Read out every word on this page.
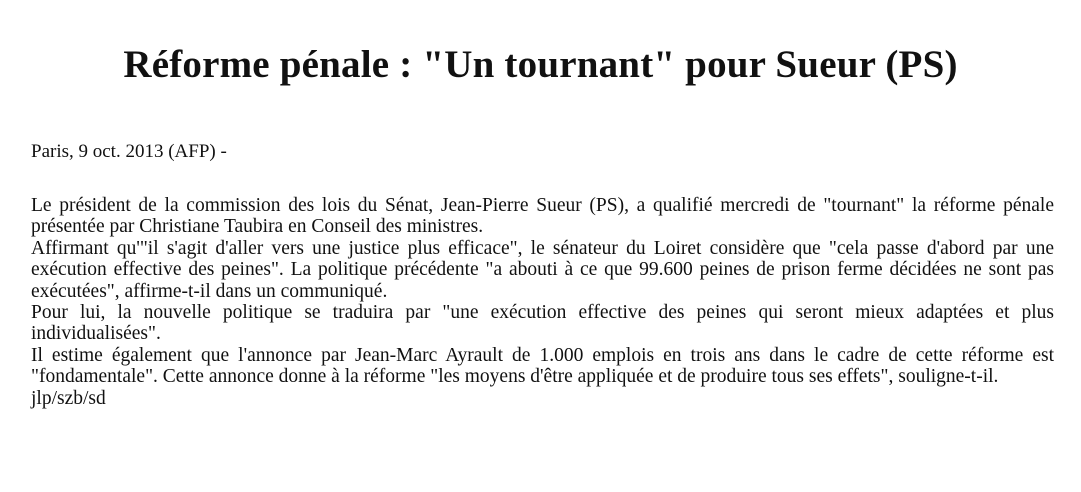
Réforme pénale : "Un tournant" pour Sueur (PS)
Paris, 9 oct. 2013 (AFP) -

Le président de la commission des lois du Sénat, Jean-Pierre Sueur (PS), a qualifié mercredi de "tournant" la réforme pénale présentée par Christiane Taubira en Conseil des ministres.

Affirmant qu'"il s'agit d'aller vers une justice plus efficace", le sénateur du Loiret considère que "cela passe d'abord par une exécution effective des peines". La politique précédente "a abouti à ce que 99.600 peines de prison ferme décidées ne sont pas exécutées", affirme-t-il dans un communiqué.

Pour lui, la nouvelle politique se traduira par "une exécution effective des peines qui seront mieux adaptées et plus individualisées".

Il estime également que l'annonce par Jean-Marc Ayrault de 1.000 emplois en trois ans dans le cadre de cette réforme est "fondamentale". Cette annonce donne à la réforme "les moyens d'être appliquée et de produire tous ses effets", souligne-t-il.

jlp/szb/sd
